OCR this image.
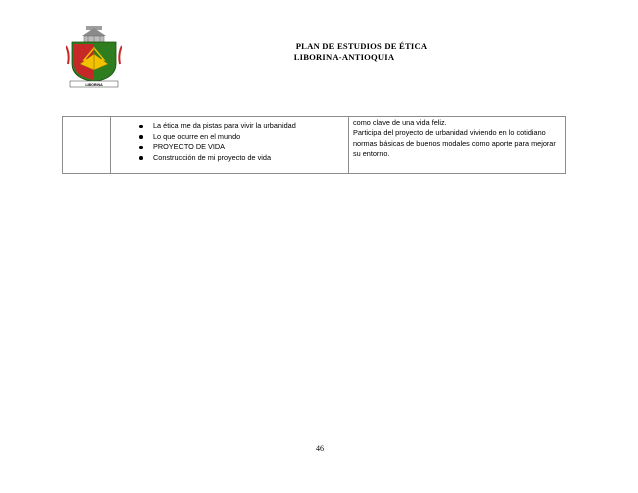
LIBORINA
PLAN DE ESTUDIOS DE ÉTICA
LIBORINA-ANTIOQUIA
La ética me da pistas para vivir la urbanidad
Lo que ocurre en el mundo
PROYECTO DE VIDA
Construcción de mi proyecto de vida

como clave de una vida feliz.

Participa del proyecto de urbanidad viviendo en lo cotidiano normas básicas de buenos modales como aporte para mejorar su entorno.

46
